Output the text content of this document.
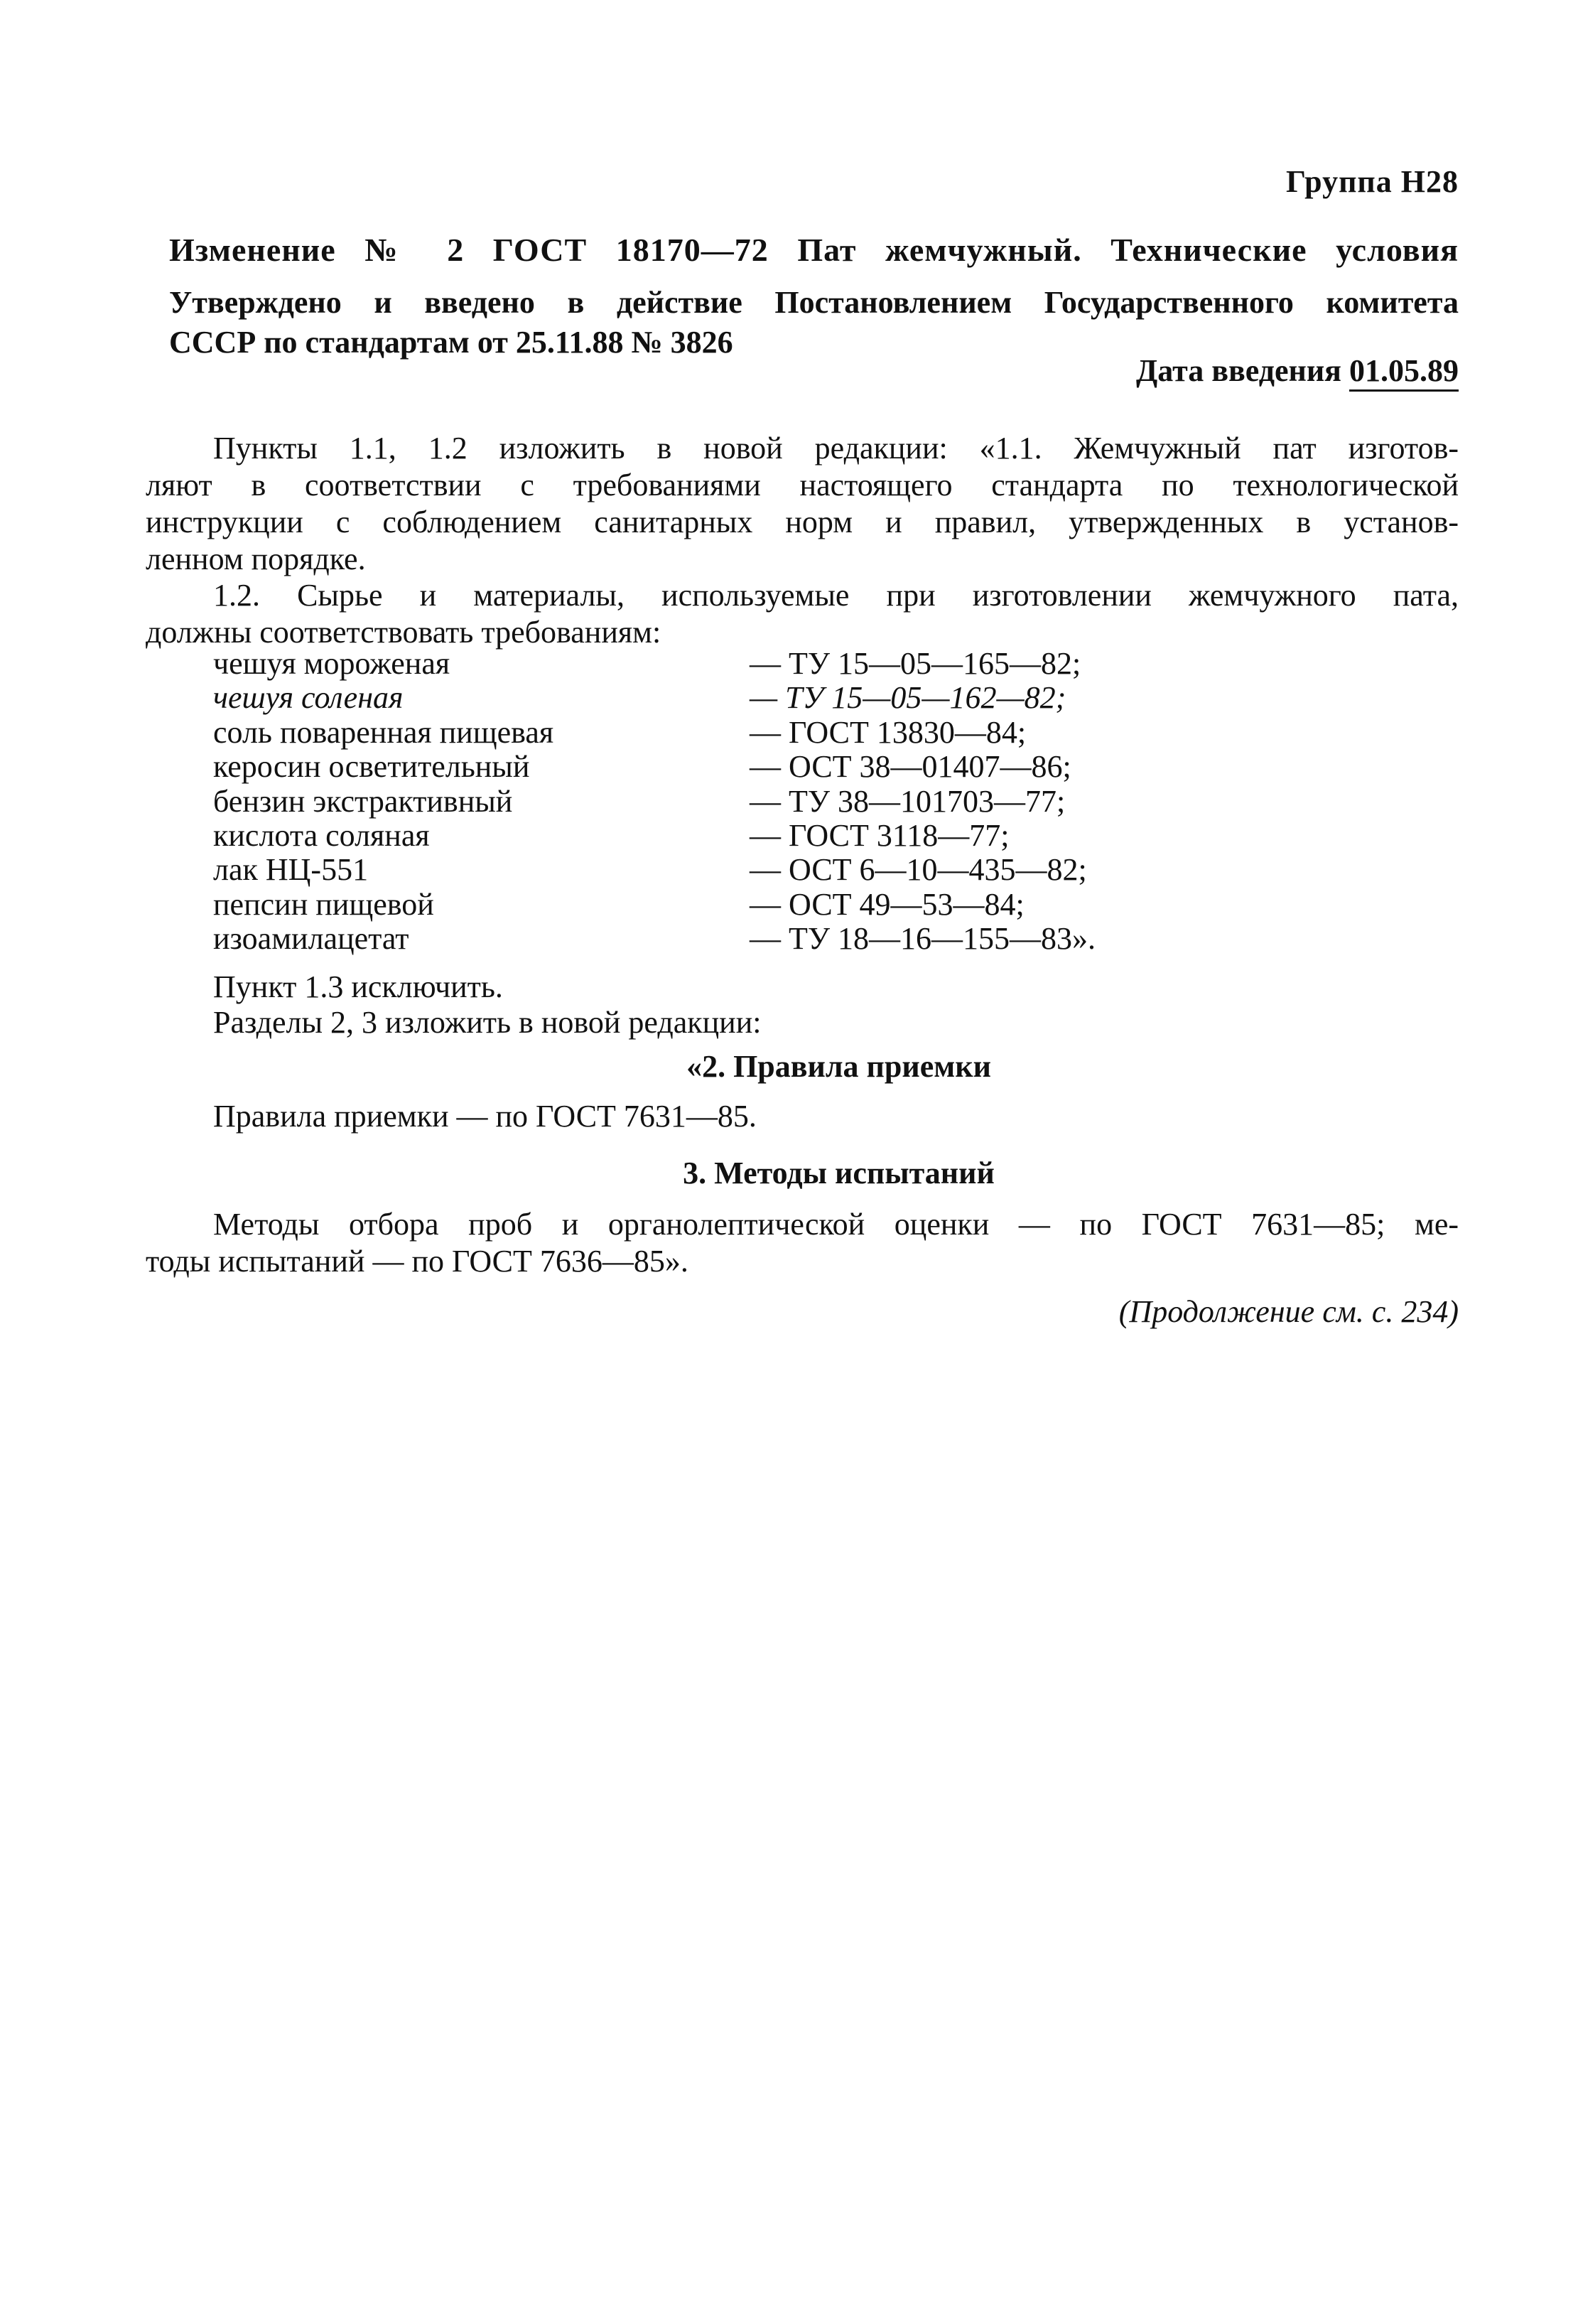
Группа Н28
Изменение № 2 ГОСТ 18170—72 Пат жемчужный. Технические условия
Утверждено и введено в действие Постановлением Государственного комитета
СССР по стандартам от 25.11.88 № 3826
Дата введения 01.05.89
Пункты 1.1, 1.2 изложить в новой редакции: «1.1. Жемчужный пат изготов-
ляют в соответствии с требованиями настоящего стандарта по технологической
инструкции с соблюдением санитарных норм и правил, утвержденных в установ-
ленном порядке.
1.2. Сырье и материалы, используемые при изготовлении жемчужного пата,
должны соответствовать требованиям:
чешуя мороженая	— ТУ 15—05—165—82;
чешуя соленая	— ТУ 15—05—162—82;
соль поваренная пищевая	— ГОСТ 13830—84;
керосин осветительный	— ОСТ 38—01407—86;
бензин экстрактивный	— ТУ 38—101703—77;
кислота соляная	— ГОСТ 3118—77;
лак НЦ-551	— ОСТ 6—10—435—82;
пепсин пищевой	— ОСТ 49—53—84;
изоамилацетат	— ТУ 18—16—155—83».
Пункт 1.3 исключить.
Разделы 2, 3 изложить в новой редакции:
«2. Правила приемки
Правила приемки — по ГОСТ 7631—85.
3. Методы испытаний
Методы отбора проб и органолептической оценки — по ГОСТ 7631—85; ме-
тоды испытаний — по ГОСТ 7636—85».
(Продолжение см. с. 234)
